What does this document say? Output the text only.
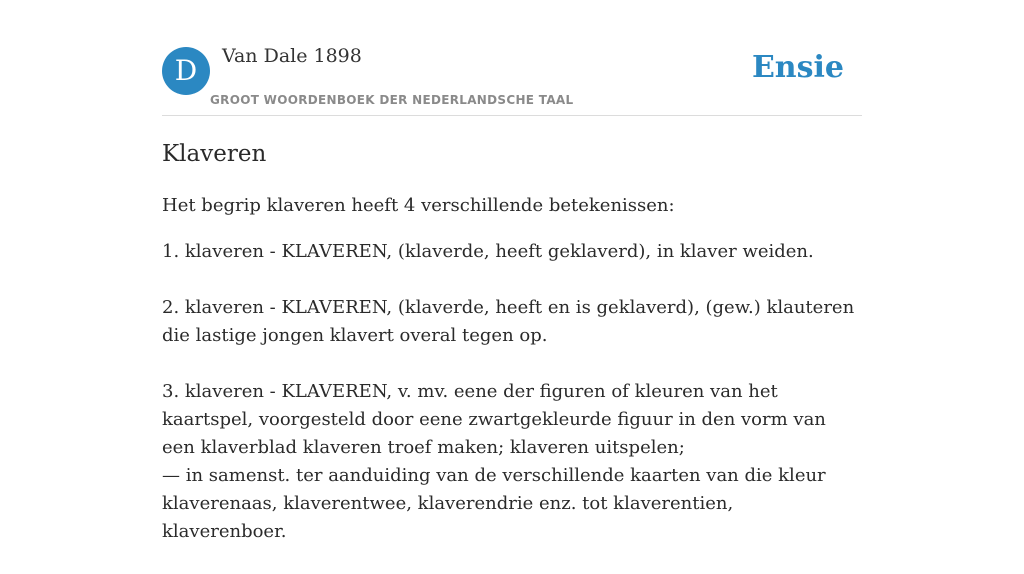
D	Van Dale 1898
GROOT WOORDENBOEK DER NEDERLANDSCHE TAAL
Ensie
Klaveren
Het begrip klaveren heeft 4 verschillende betekenissen:

1. klaveren - KLAVEREN, (klaverde, heeft geklaverd), in klaver weiden.

2. klaveren - KLAVEREN, (klaverde, heeft en is geklaverd), (gew.) klauteren die lastige jongen klavert overal tegen op.

3. klaveren - KLAVEREN, v. mv. eene der figuren of kleuren van het kaartspel, voorgesteld door eene zwartgekleurde figuur in den vorm van een klaverblad klaveren troef maken; klaveren uitspelen;

— in samenst. ter aanduiding van de verschillende kaarten van die kleur klaverenaas, klaverentwee, klaverendrie enz. tot klaverentien, klaverenboer.
